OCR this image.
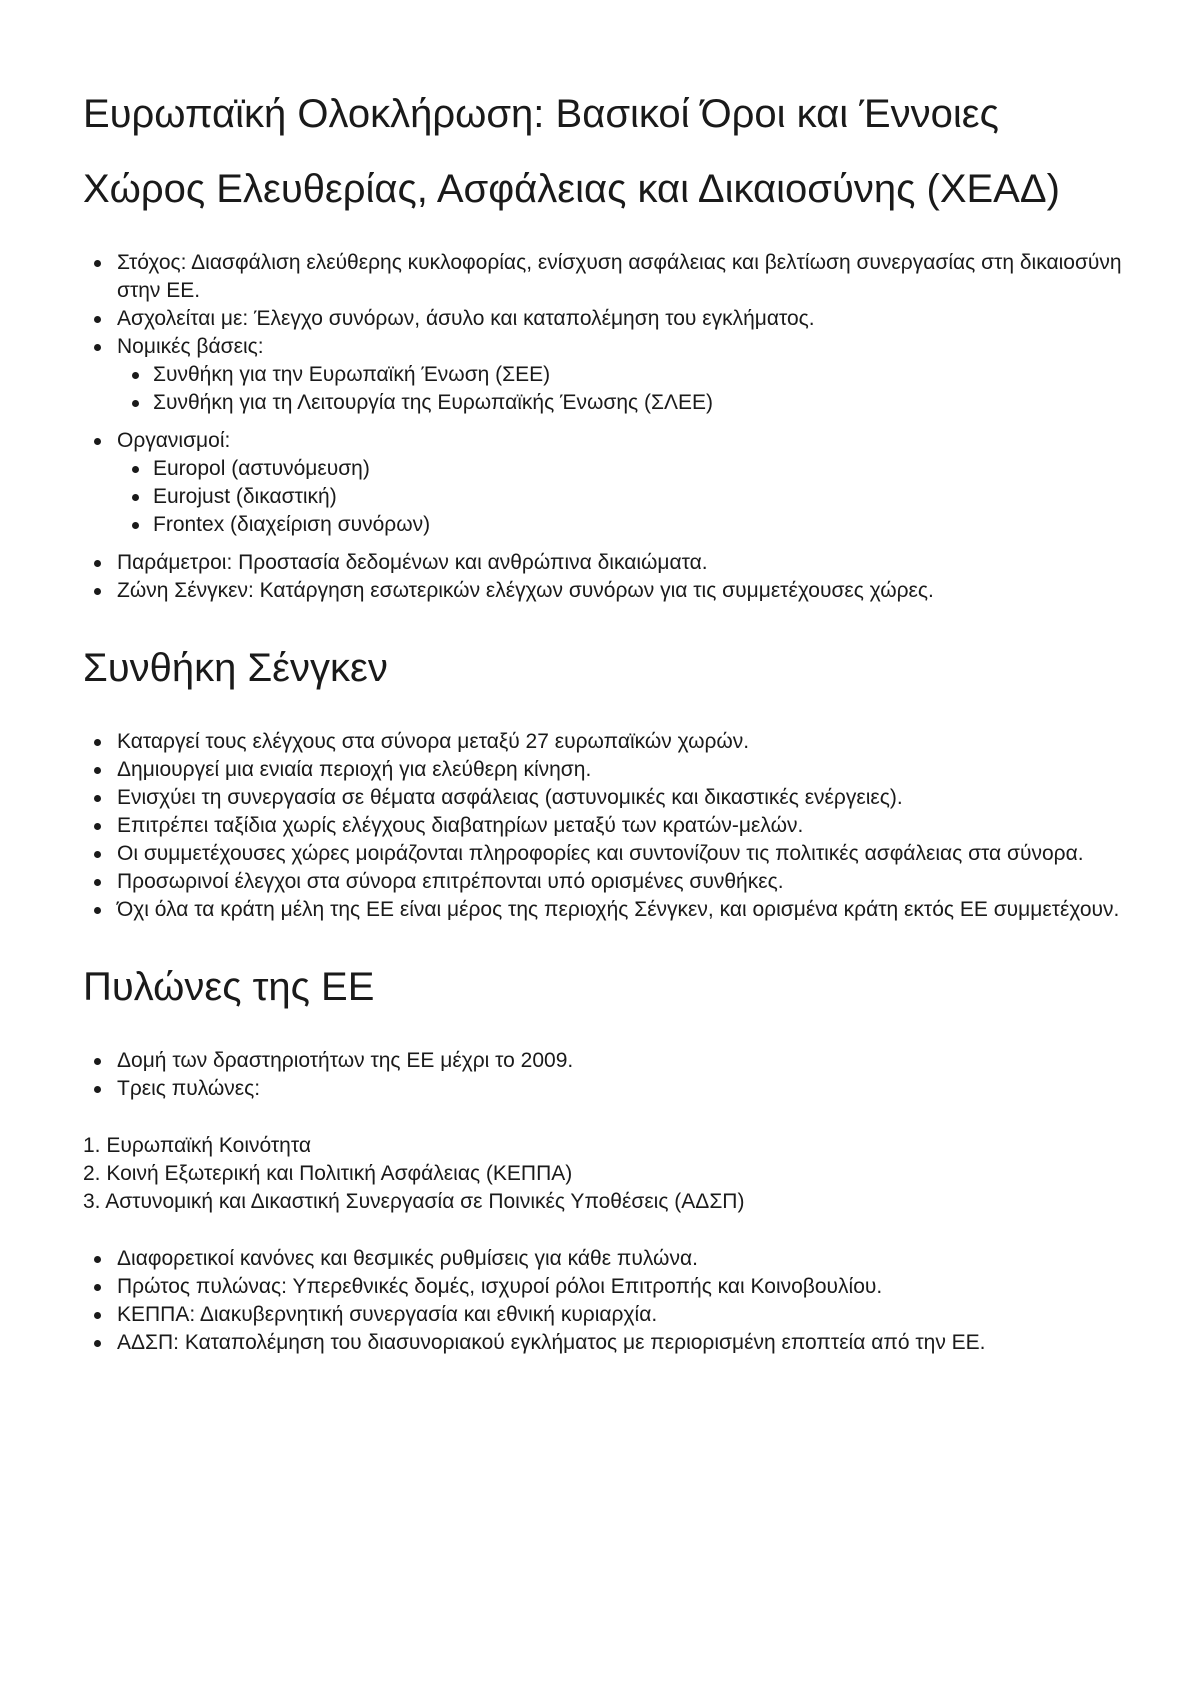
Ευρωπαϊκή Ολοκλήρωση: Βασικοί Όροι και Έννοιες
Χώρος Ελευθερίας, Ασφάλειας και Δικαιοσύνης (ΧΕΑΔ)
Στόχος: Διασφάλιση ελεύθερης κυκλοφορίας, ενίσχυση ασφάλειας και βελτίωση συνεργασίας στη δικαιοσύνη στην ΕΕ.
Ασχολείται με: Έλεγχο συνόρων, άσυλο και καταπολέμηση του εγκλήματος.
Νομικές βάσεις:
Συνθήκη για την Ευρωπαϊκή Ένωση (ΣΕΕ)
Συνθήκη για τη Λειτουργία της Ευρωπαϊκής Ένωσης (ΣΛΕΕ)
Οργανισμοί:
Europol (αστυνόμευση)
Eurojust (δικαστική)
Frontex (διαχείριση συνόρων)
Παράμετροι: Προστασία δεδομένων και ανθρώπινα δικαιώματα.
Ζώνη Σένγκεν: Κατάργηση εσωτερικών ελέγχων συνόρων για τις συμμετέχουσες χώρες.
Συνθήκη Σένγκεν
Καταργεί τους ελέγχους στα σύνορα μεταξύ 27 ευρωπαϊκών χωρών.
Δημιουργεί μια ενιαία περιοχή για ελεύθερη κίνηση.
Ενισχύει τη συνεργασία σε θέματα ασφάλειας (αστυνομικές και δικαστικές ενέργειες).
Επιτρέπει ταξίδια χωρίς ελέγχους διαβατηρίων μεταξύ των κρατών-μελών.
Οι συμμετέχουσες χώρες μοιράζονται πληροφορίες και συντονίζουν τις πολιτικές ασφάλειας στα σύνορα.
Προσωρινοί έλεγχοι στα σύνορα επιτρέπονται υπό ορισμένες συνθήκες.
Όχι όλα τα κράτη μέλη της ΕΕ είναι μέρος της περιοχής Σένγκεν, και ορισμένα κράτη εκτός ΕΕ συμμετέχουν.
Πυλώνες της ΕΕ
Δομή των δραστηριοτήτων της ΕΕ μέχρι το 2009.
Τρεις πυλώνες:
1. Ευρωπαϊκή Κοινότητα
2. Κοινή Εξωτερική και Πολιτική Ασφάλειας (ΚΕΠΠΑ)
3. Αστυνομική και Δικαστική Συνεργασία σε Ποινικές Υποθέσεις (ΑΔΣΠ)
Διαφορετικοί κανόνες και θεσμικές ρυθμίσεις για κάθε πυλώνα.
Πρώτος πυλώνας: Υπερεθνικές δομές, ισχυροί ρόλοι Επιτροπής και Κοινοβουλίου.
ΚΕΠΠΑ: Διακυβερνητική συνεργασία και εθνική κυριαρχία.
ΑΔΣΠ: Καταπολέμηση του διασυνοριακού εγκλήματος με περιορισμένη εποπτεία από την ΕΕ.
